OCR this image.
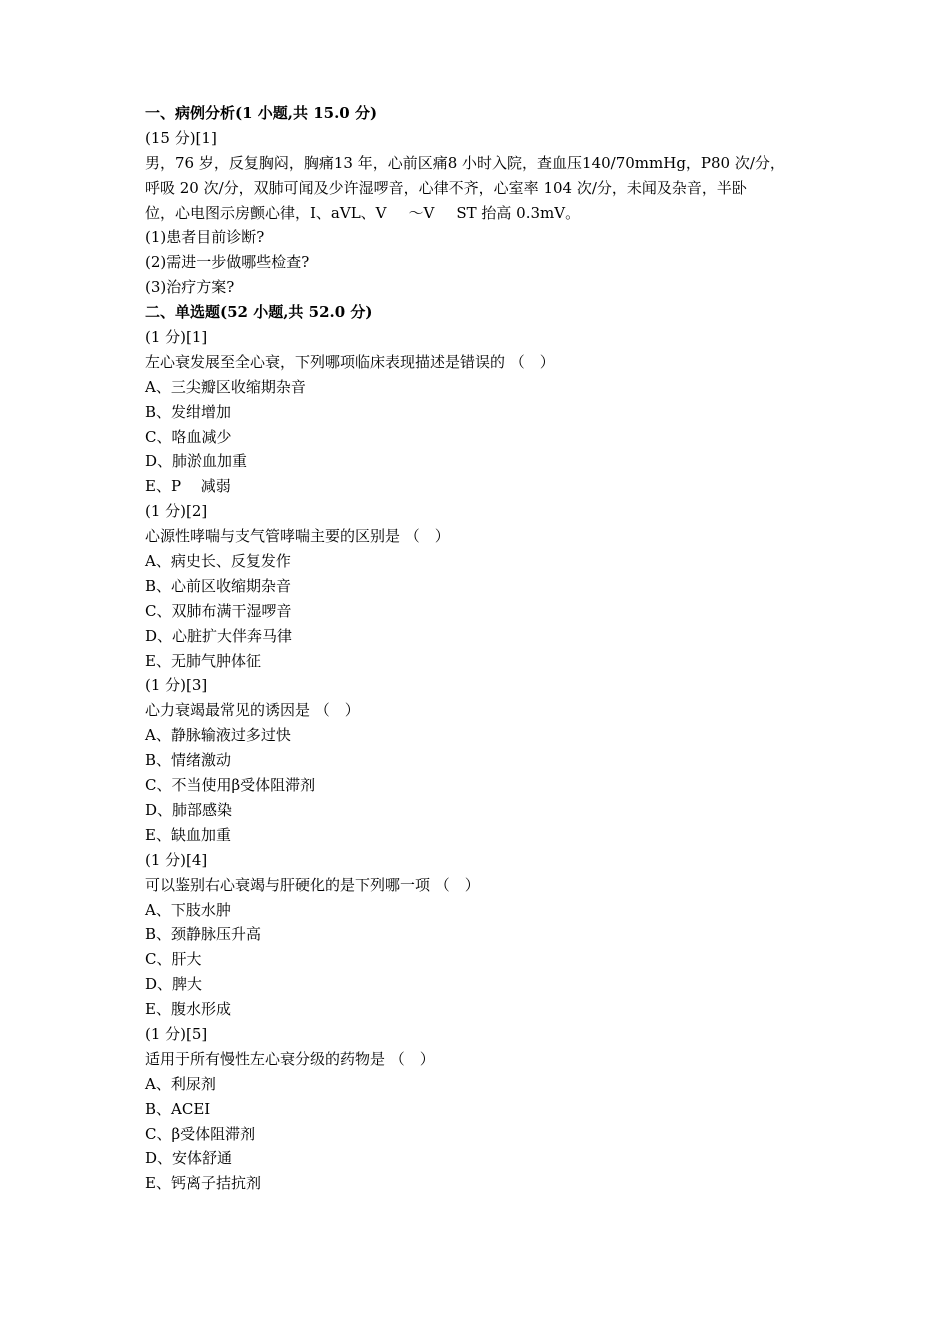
一、病例分析(1 小题,共 15.0 分)
(15 分)[1]
男，76 岁，反复胸闷，胸痛13 年，心前区痛8 小时入院，查血压140/70mmHg，P80 次/分，
呼吸 20 次/分，双肺可闻及少许湿啰音，心律不齐，心室率 104 次/分，未闻及杂音，半卧
位，心电图示房颤心律，I、aVL、V ～V ST 抬高 0.3mV。
(1)患者目前诊断?
(2)需进一步做哪些检查?
(3)治疗方案?
二、单选题(52 小题,共 52.0 分)
(1 分)[1]
左心衰发展至全心衰，下列哪项临床表现描述是错误的 （　）
A、三尖瓣区收缩期杂音
B、发绀增加
C、咯血减少
D、肺淤血加重
E、P　 减弱
(1 分)[2]
心源性哮喘与支气管哮喘主要的区别是 （　）
A、病史长、反复发作
B、心前区收缩期杂音
C、双肺布满干湿啰音
D、心脏扩大伴奔马律
E、无肺气肿体征
(1 分)[3]
心力衰竭最常见的诱因是 （　）
A、静脉输液过多过快
B、情绪激动
C、不当使用β受体阻滞剂
D、肺部感染
E、缺血加重
(1 分)[4]
可以鉴别右心衰竭与肝硬化的是下列哪一项 （　）
A、下肢水肿
B、颈静脉压升高
C、肝大
D、脾大
E、腹水形成
(1 分)[5]
适用于所有慢性左心衰分级的药物是 （　）
A、利尿剂
B、ACEI
C、β受体阻滞剂
D、安体舒通
E、钙离子拮抗剂
